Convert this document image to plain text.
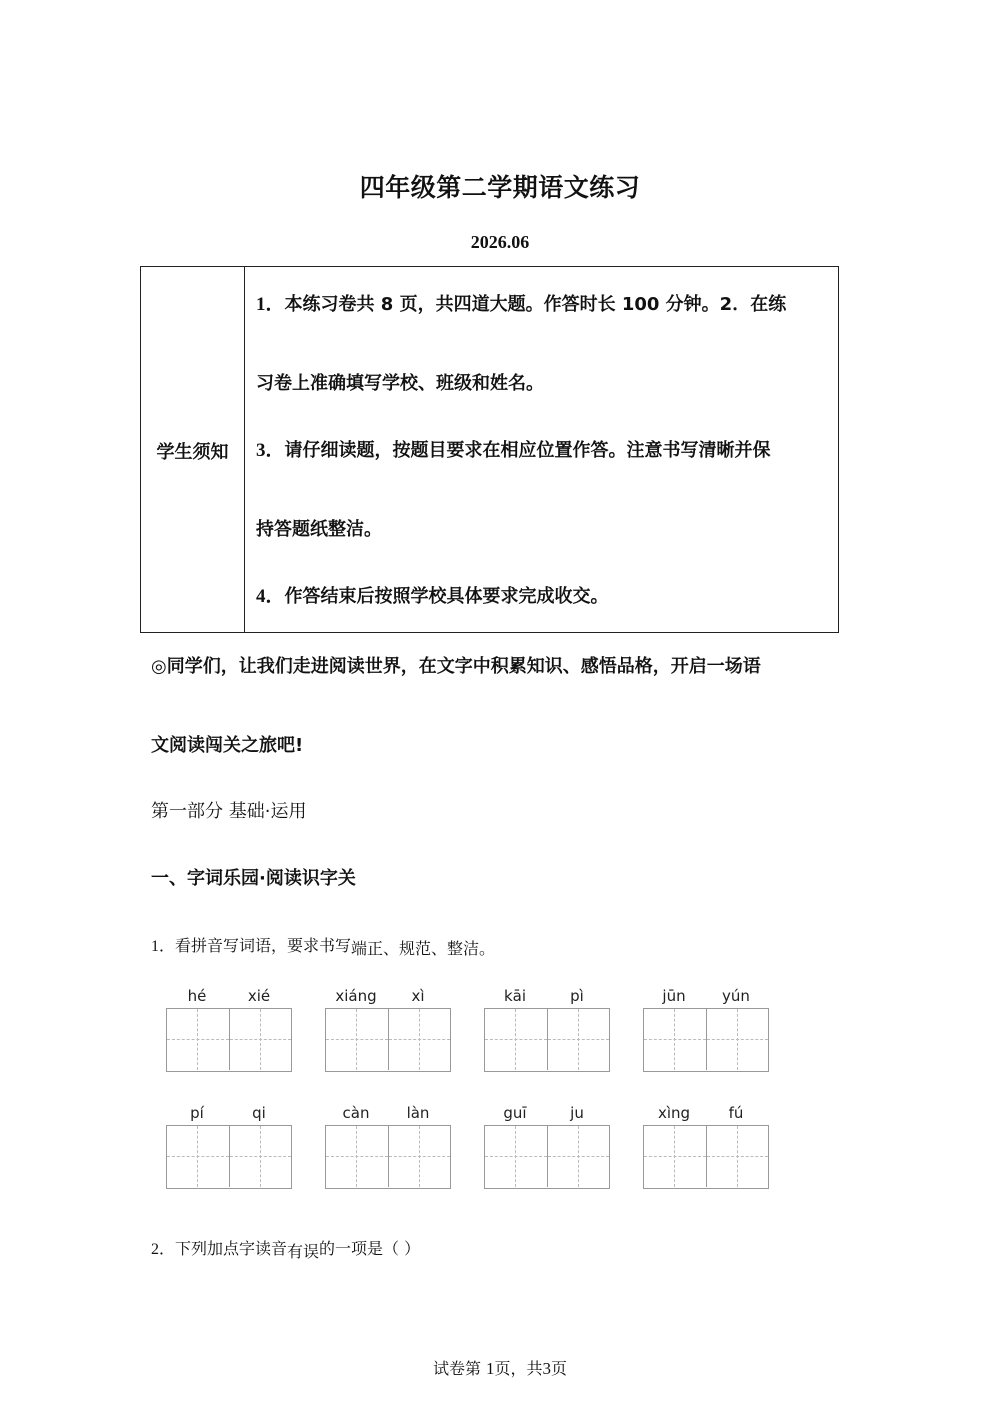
四年级第二学期语文练习
2026.06
学生须知
1．本练习卷共 8 页，共四道大题。作答时长 100 分钟。2．在练
习卷上准确填写学校、班级和姓名。
3．请仔细读题，按题目要求在相应位置作答。注意书写清晰并保
持答题纸整洁。
4．作答结束后按照学校具体要求完成收交。
◎同学们，让我们走进阅读世界，在文字中积累知识、感悟品格，开启一场语
文阅读闯关之旅吧!
第一部分 基础·运用
一、字词乐园·阅读识字关
1．看拼音写词语，要求书写端正、规范、整洁。
hé	xié	xiáng	xì	kāi	pì	jūn	yún
pí	qi	càn	làn	guī	ju	xìng	fú
2．下列加点字读音有误的一项是（ ）
试卷第 1页，共3页
